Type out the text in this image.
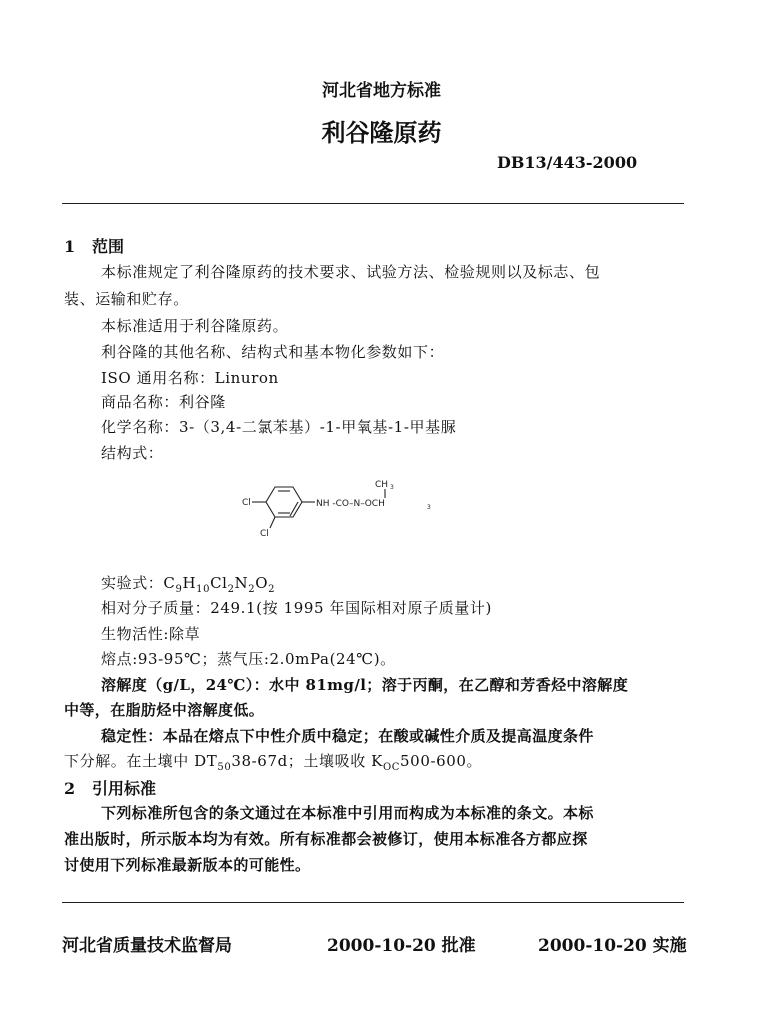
河北省地方标准
利谷隆原药
DB13/443-2000
1 范围
本标准规定了利谷隆原药的技术要求、试验方法、检验规则以及标志、包
装、运输和贮存。
本标准适用于利谷隆原药。
利谷隆的其他名称、结构式和基本物化参数如下：
ISO 通用名称：Linuron
商品名称：利谷隆
化学名称：3-（3,4-二氯苯基）-1-甲氧基-1-甲基脲
结构式：
Cl
Cl
NH -CO–N–OCH	3
CH 3
实验式：$C_9H_{10}Cl_2N_2O_2$
相对分子质量：249.1(按 1995 年国际相对原子质量计)
生物活性:除草
熔点:93-95℃；蒸气压:2.0mPa(24℃)。
溶解度（g/L，24℃）：水中 81mg/l；溶于丙酮，在乙醇和芳香烃中溶解度
中等，在脂肪烃中溶解度低。
稳定性：本品在熔点下中性介质中稳定；在酸或碱性介质及提高温度条件
下分解。在土壤中 $DT_{50}38-67d$；土壤吸收 $K_{OC}500-600$。
2 引用标准
下列标准所包含的条文通过在本标准中引用而构成为本标准的条文。本标
准出版时，所示版本均为有效。所有标准都会被修订，使用本标准各方都应探
讨使用下列标准最新版本的可能性。
河北省质量技术监督局	2000-10-20 批准	2000-10-20 实施
